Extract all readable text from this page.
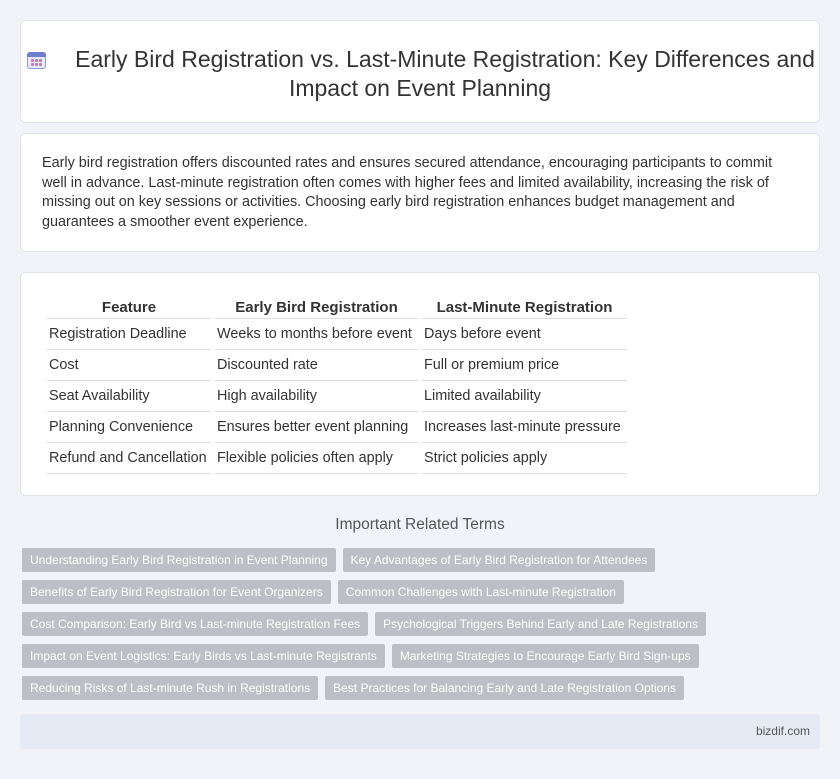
Early Bird Registration vs. Last-Minute Registration: Key Differences and Impact on Event Planning

Early bird registration offers discounted rates and ensures secured attendance, encouraging participants to commit well in advance. Last-minute registration often comes with higher fees and limited availability, increasing the risk of missing out on key sessions or activities. Choosing early bird registration enhances budget management and guarantees a smoother event experience.

Feature	Early Bird Registration	Last-Minute Registration
Registration Deadline	Weeks to months before event	Days before event
Cost	Discounted rate	Full or premium price
Seat Availability	High availability	Limited availability
Planning Convenience	Ensures better event planning	Increases last-minute pressure
Refund and Cancellation	Flexible policies often apply	Strict policies apply
Important Related Terms
Understanding Early Bird Registration in Event Planning Key Advantages of Early Bird Registration for Attendees
Benefits of Early Bird Registration for Event Organizers Common Challenges with Last-minute Registration
Cost Comparison: Early Bird vs Last-minute Registration Fees Psychological Triggers Behind Early and Late Registrations
Impact on Event Logistics: Early Birds vs Last-minute Registrants Marketing Strategies to Encourage Early Bird Sign-ups
Reducing Risks of Last-minute Rush in Registrations Best Practices for Balancing Early and Late Registration Options
bizdif.com
